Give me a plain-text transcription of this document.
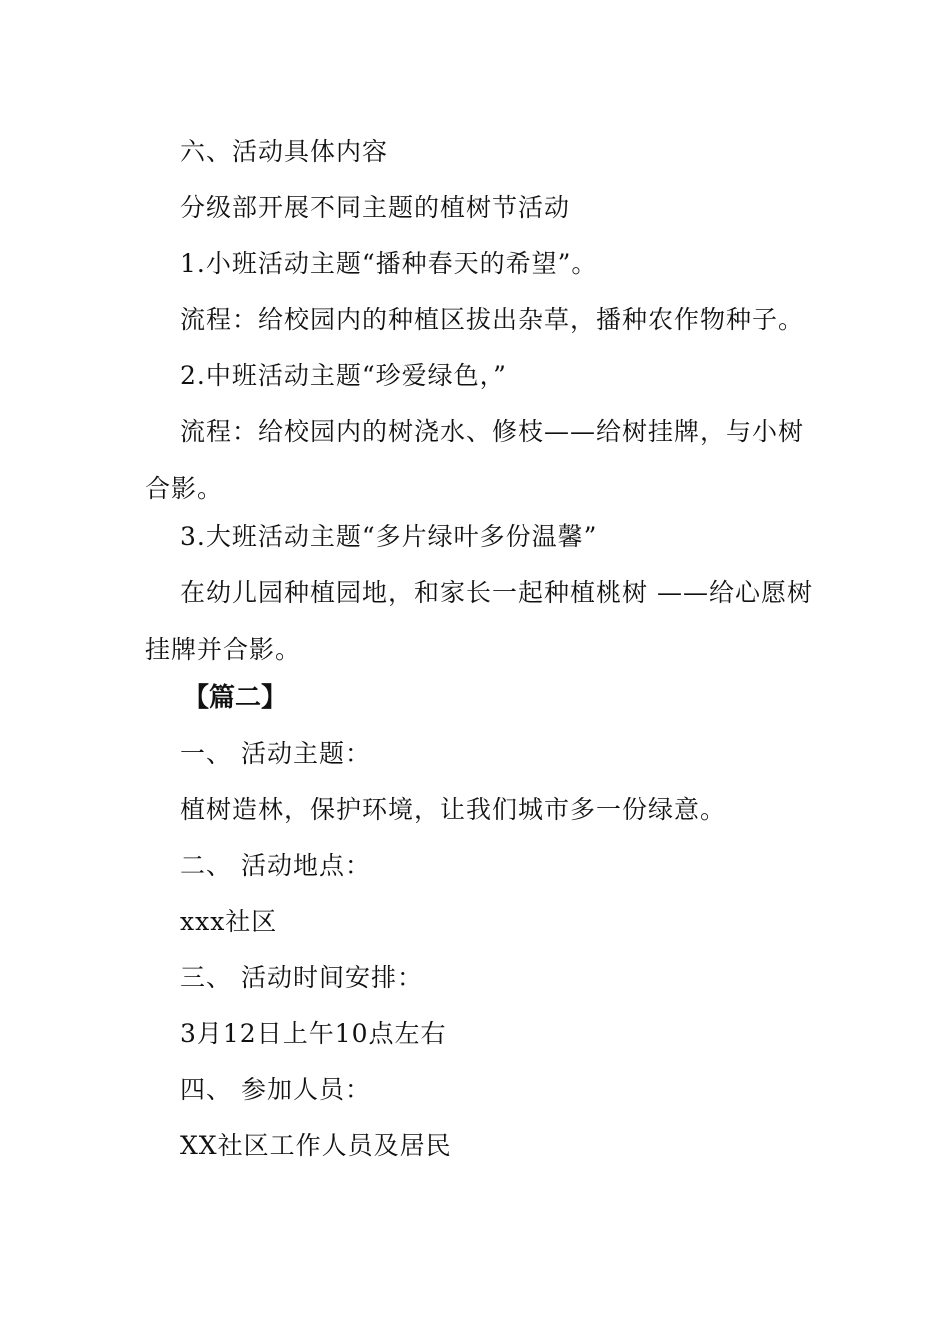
六、活动具体内容
分级部开展不同主题的植树节活动
1.小班活动主题“播种春天的希望”。
流程：给校园内的种植区拔出杂草，播种农作物种子。
2.中班活动主题“珍爱绿色，”
流程：给校园内的树浇水、修枝——给树挂牌，与小树合影。
3.大班活动主题“多片绿叶多份温馨”
在幼儿园种植园地，和家长一起种植桃树 ——给心愿树挂牌并合影。
【篇二】
一、 活动主题：
植树造林，保护环境，让我们城市多一份绿意。
二、 活动地点：
xxx社区
三、 活动时间安排：
3月12日上午10点左右
四、 参加人员：
XX社区工作人员及居民
